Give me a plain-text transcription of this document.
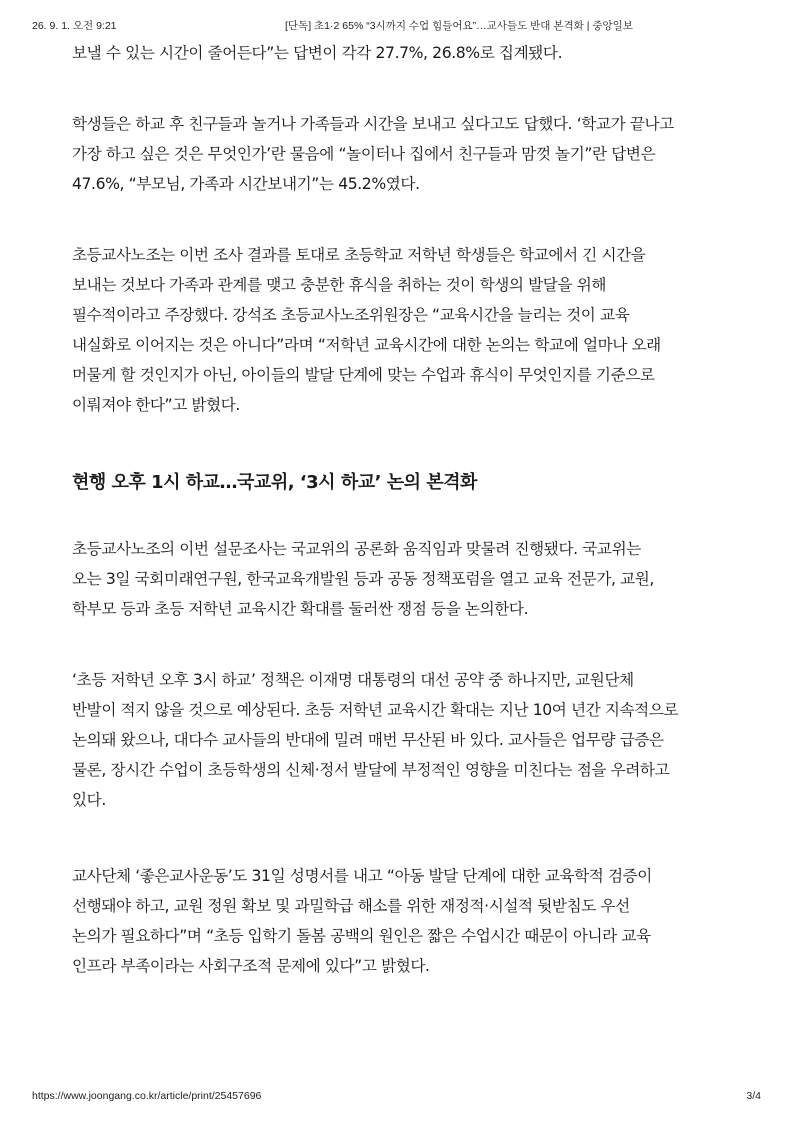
26. 9. 1. 오전 9:21	[단독] 초1·2 65% “3시까지 수업 힘들어요”…교사들도 반대 본격화 | 중앙일보
보낼 수 있는 시간이 줄어든다”는 답변이 각각 27.7%, 26.8%로 집계됐다.
학생들은 하교 후 친구들과 놀거나 가족들과 시간을 보내고 싶다고도 답했다. ‘학교가 끝나고
가장 하고 싶은 것은 무엇인가’란 물음에 “놀이터나 집에서 친구들과 맘껏 놀기”란 답변은
47.6%, “부모님, 가족과 시간보내기”는 45.2%였다.
초등교사노조는 이번 조사 결과를 토대로 초등학교 저학년 학생들은 학교에서 긴 시간을
보내는 것보다 가족과 관계를 맺고 충분한 휴식을 취하는 것이 학생의 발달을 위해
필수적이라고 주장했다. 강석조 초등교사노조위원장은 “교육시간을 늘리는 것이 교육
내실화로 이어지는 것은 아니다”라며 “저학년 교육시간에 대한 논의는 학교에 얼마나 오래
머물게 할 것인지가 아닌, 아이들의 발달 단계에 맞는 수업과 휴식이 무엇인지를 기준으로
이뤄져야 한다”고 밝혔다.
현행 오후 1시 하교…국교위, ‘3시 하교’ 논의 본격화
초등교사노조의 이번 설문조사는 국교위의 공론화 움직임과 맞물려 진행됐다. 국교위는
오는 3일 국회미래연구원, 한국교육개발원 등과 공동 정책포럼을 열고 교육 전문가, 교원,
학부모 등과 초등 저학년 교육시간 확대를 둘러싼 쟁점 등을 논의한다.
‘초등 저학년 오후 3시 하교’ 정책은 이재명 대통령의 대선 공약 중 하나지만, 교원단체
반발이 적지 않을 것으로 예상된다. 초등 저학년 교육시간 확대는 지난 10여 년간 지속적으로
논의돼 왔으나, 대다수 교사들의 반대에 밀려 매번 무산된 바 있다. 교사들은 업무량 급증은
물론, 장시간 수업이 초등학생의 신체·정서 발달에 부정적인 영향을 미친다는 점을 우려하고
있다.
교사단체 ‘좋은교사운동’도 31일 성명서를 내고 “아동 발달 단계에 대한 교육학적 검증이
선행돼야 하고, 교원 정원 확보 및 과밀학급 해소를 위한 재정적·시설적 뒷받침도 우선
논의가 필요하다”며 “초등 입학기 돌봄 공백의 원인은 짧은 수업시간 때문이 아니라 교육
인프라 부족이라는 사회구조적 문제에 있다”고 밝혔다.
https://www.joongang.co.kr/article/print/25457696	3/4
